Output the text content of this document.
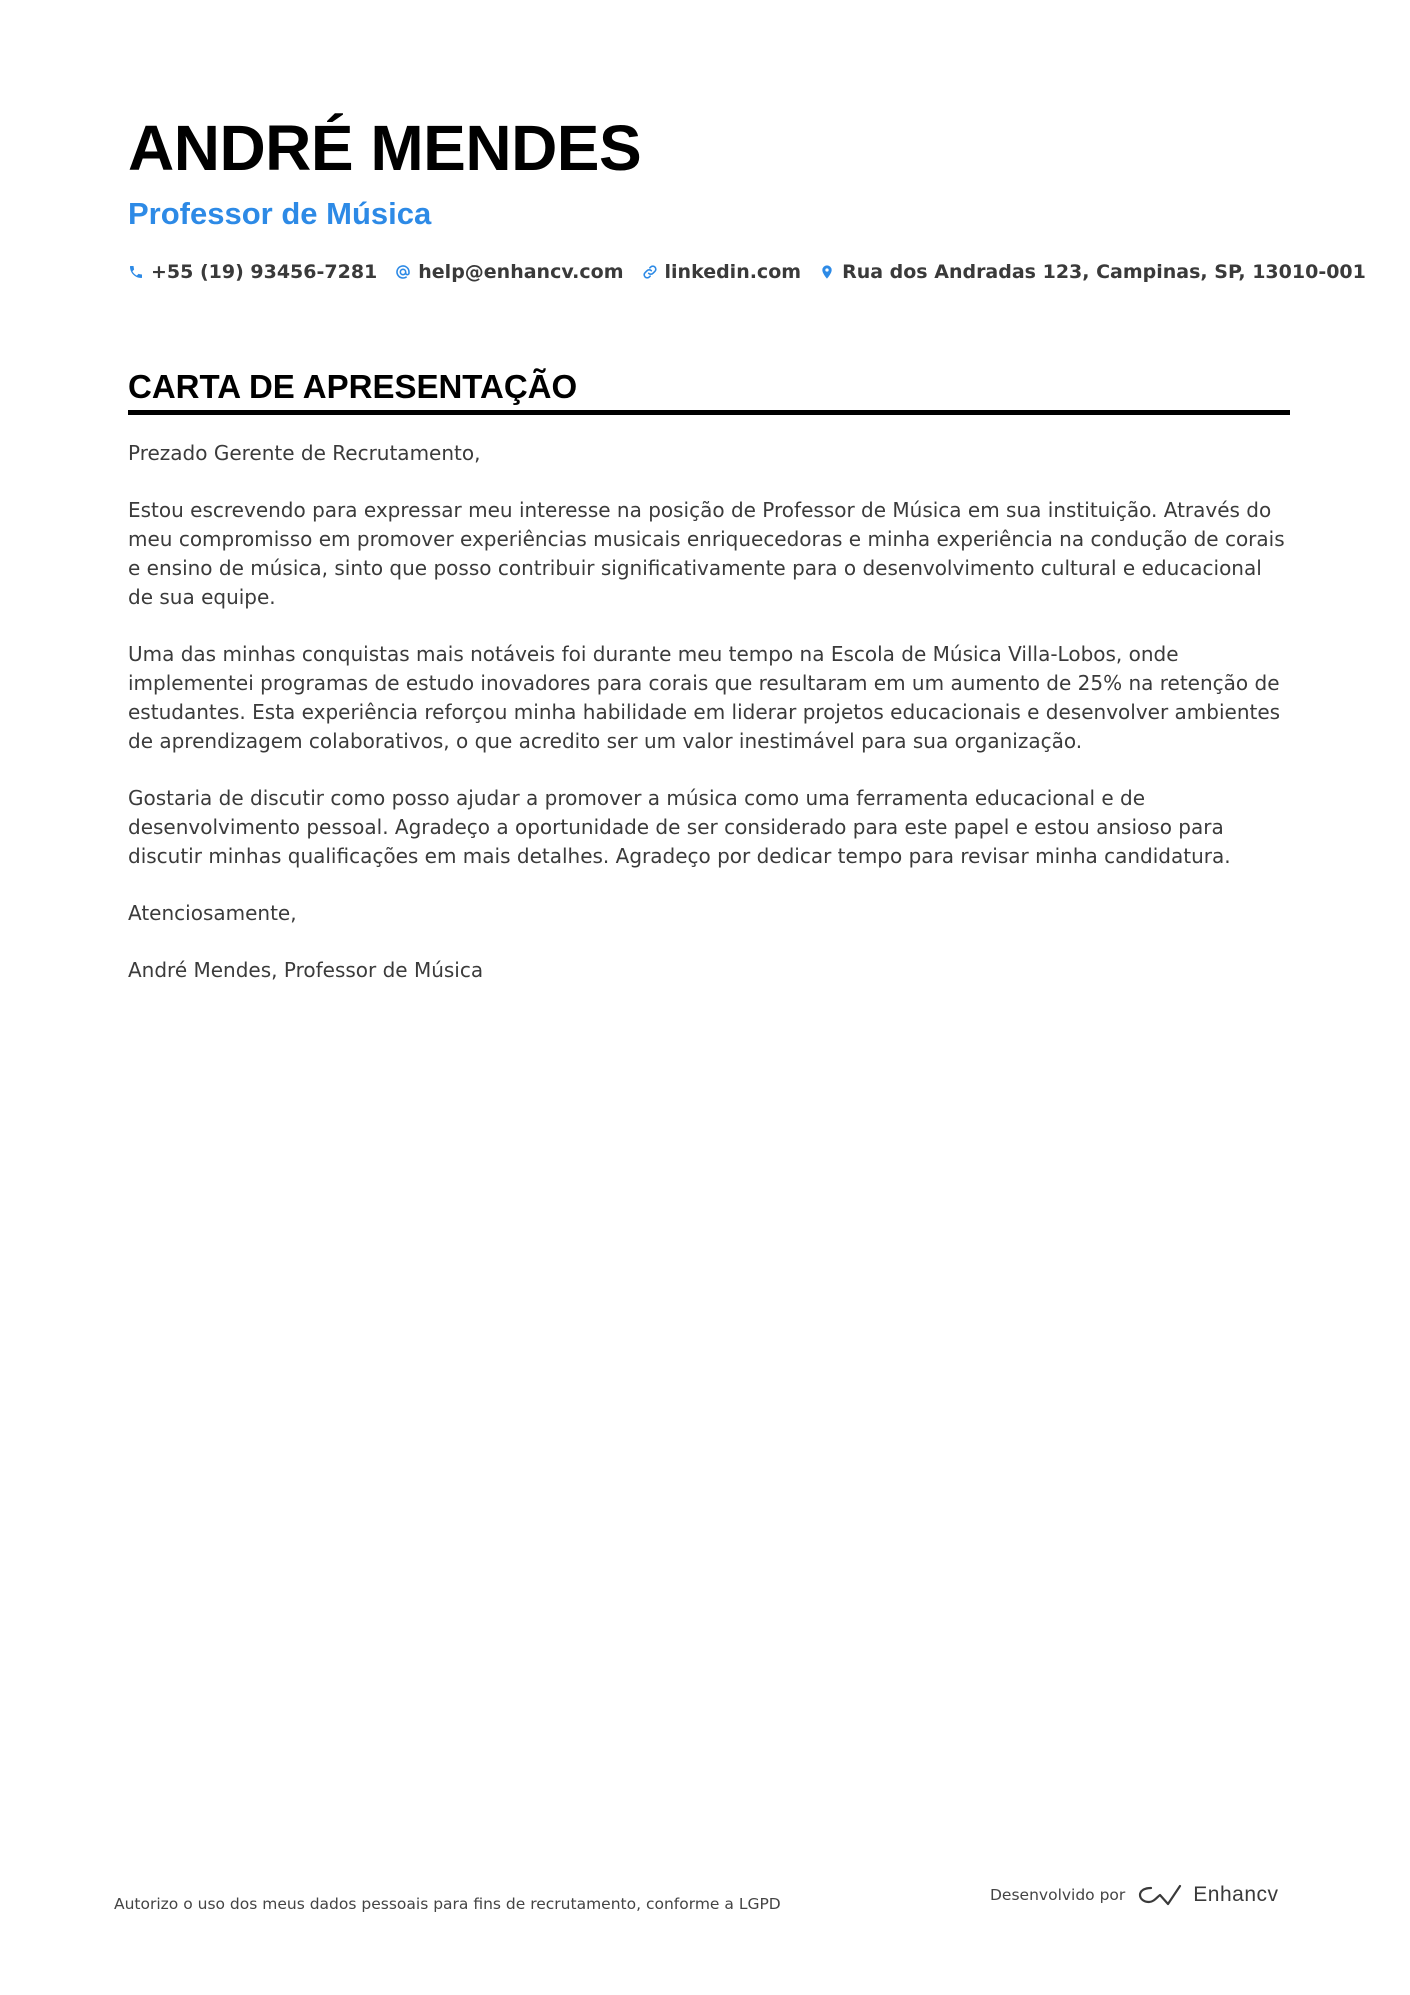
ANDRÉ MENDES
Professor de Música
+55 (19) 93456-7281 help@enhancv.com linkedin.com Rua dos Andradas 123, Campinas, SP, 13010-001
CARTA DE APRESENTAÇÃO

Prezado Gerente de Recrutamento,

Estou escrevendo para expressar meu interesse na posição de Professor de Música em sua instituição. Através do meu compromisso em promover experiências musicais enriquecedoras e minha experiência na condução de corais e ensino de música, sinto que posso contribuir significativamente para o desenvolvimento cultural e educacional de sua equipe.

Uma das minhas conquistas mais notáveis foi durante meu tempo na Escola de Música Villa-Lobos, onde implementei programas de estudo inovadores para corais que resultaram em um aumento de 25% na retenção de estudantes. Esta experiência reforçou minha habilidade em liderar projetos educacionais e desenvolver ambientes de aprendizagem colaborativos, o que acredito ser um valor inestimável para sua organização.

Gostaria de discutir como posso ajudar a promover a música como uma ferramenta educacional e de desenvolvimento pessoal. Agradeço a oportunidade de ser considerado para este papel e estou ansioso para discutir minhas qualificações em mais detalhes. Agradeço por dedicar tempo para revisar minha candidatura.

Atenciosamente,

André Mendes, Professor de Música

Autorizo o uso dos meus dados pessoais para fins de recrutamento, conforme a LGPD	Desenvolvido por	Enhancv
